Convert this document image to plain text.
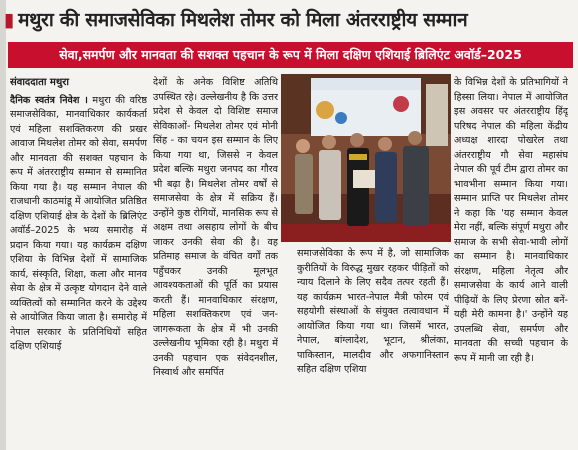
▮ मथुरा की समाजसेविका मिथलेश तोमर को मिला अंतरराष्ट्रीय सम्मान
सेवा,समर्पण और मानवता की सशक्त पहचान के रूप में मिला दक्षिण एशियाई ब्रिलिएंट अवॉर्ड–2025

संवाददाता मथुरा

दैनिक स्वतंत्र निवेश । मथुरा की वरिष्ठ समाजसेविका, मानवाधिकार कार्यकर्ता एवं महिला सशक्तिकरण की प्रखर आवाज मिथलेश तोमर को सेवा, समर्पण और मानवता की सशक्त पहचान के रूप में अंतरराष्ट्रीय सम्मान से सम्मानित किया गया है। यह सम्मान नेपाल की राजधानी काठमांडू में आयोजित प्रतिष्ठित दक्षिण एशियाई क्षेत्र के देशों के ब्रिलिएंट अवॉर्ड–2025 के भव्य समारोह में प्रदान किया गया। यह कार्यक्रम दक्षिण एशिया के विभिन्न देशों में सामाजिक कार्य, संस्कृति, शिक्षा, कला और मानव सेवा के क्षेत्र में उत्कृष्ट योगदान देने वाले व्यक्तित्वों को सम्मानित करने के उद्देश्य से आयोजित किया जाता है। समारोह में नेपाल सरकार के प्रतिनिधियों सहित दक्षिण एशियाई

देशों के अनेक विशिष्ट अतिथि उपस्थित रहे। उल्लेखनीय है कि उत्तर प्रदेश से केवल दो विशिष्ट समाज सेविकाओं- मिथलेश तोमर एवं मोनी सिंह - का चयन इस सम्मान के लिए किया गया था, जिससे न केवल प्रदेश बल्कि मथुरा जनपद का गौरव भी बढ़ा है। मिथलेश तोमर वर्षों से समाजसेवा के क्षेत्र में सक्रिय हैं। उन्होंने कुष्ठ रोगियों, मानसिक रूप से अक्षम तथा असहाय लोगों के बीच जाकर उनकी सेवा की है। वह प्रतिमाह समाज के वंचित वर्गों तक पहुँचकर उनकी मूलभूत आवश्यकताओं की पूर्ति का प्रयास करती हैं। मानवाधिकार संरक्षण, महिला सशक्तिकरण एवं जन-जागरूकता के क्षेत्र में भी उनकी उल्लेखनीय भूमिका रही है। मथुरा में उनकी पहचान एक संवेदनशील, निस्वार्थ और समर्पित

समाजसेविका के रूप में है, जो सामाजिक कुरीतियों के विरुद्ध मुखर रहकर पीड़ितों को न्याय दिलाने के लिए सदैव तत्पर रहती हैं। यह कार्यक्रम भारत-नेपाल मैत्री फोरम एवं सहयोगी संस्थाओं के संयुक्त तत्वावधान में आयोजित किया गया था। जिसमें भारत, नेपाल, बांग्लादेश, भूटान, श्रीलंका, पाकिस्तान, मालदीव और अफगानिस्तान सहित दक्षिण एशिया

के विभिन्न देशों के प्रतिभागियों ने हिस्सा लिया। नेपाल में आयोजित इस अवसर पर अंतरराष्ट्रीय हिंदू परिषद नेपाल की महिला केंद्रीय अध्यक्ष शारदा पोखरेल तथा अंतरराष्ट्रीय गौ सेवा महासंघ नेपाल की पूर्व टीम द्वारा तोमर का भावभीना सम्मान किया गया। सम्मान प्राप्ति पर मिथलेश तोमर ने कहा कि 'यह सम्मान केवल मेरा नहीं, बल्कि संपूर्ण मथुरा और समाज के सभी सेवा-भावी लोगों का सम्मान है। मानवाधिकार संरक्षण, महिला नेतृत्व और समाजसेवा के कार्य आने वाली पीढ़ियों के लिए प्रेरणा स्रोत बनें-यही मेरी कामना है।' उन्होंने यह उपलब्धि सेवा, समर्पण और मानवता की सच्ची पहचान के रूप में मानी जा रही है।
